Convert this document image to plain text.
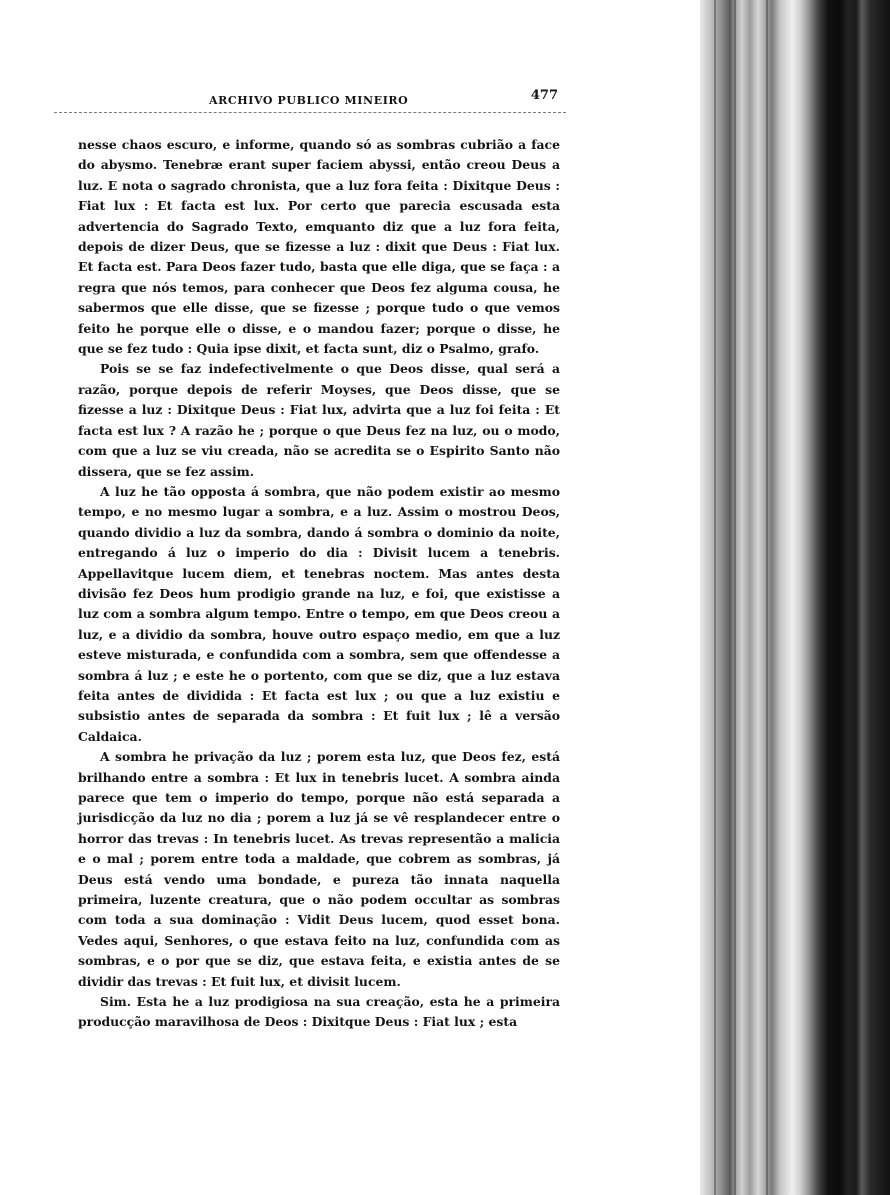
ARCHIVO PUBLICO MINEIRO	477

nesse chaos escuro, e informe, quando só as sombras cubrião a face do abysmo. Tenebræ erant super faciem abyssi, então creou Deus a luz. E nota o sagrado chronista, que a luz fora feita : Dixitque Deus : Fiat lux : Et facta est lux. Por certo que parecia escusada esta advertencia do Sagrado Texto, emquanto diz que a luz fora feita, depois de dizer Deus, que se fizesse a luz : dixit que Deus : Fiat lux. Et facta est. Para Deos fazer tudo, basta que elle diga, que se faça : a regra que nós temos, para conhecer que Deos fez alguma cousa, he sabermos que elle disse, que se fizesse ; porque tudo o que vemos feito he porque elle o disse, e o mandou fazer; porque o disse, he que se fez tudo : Quia ipse dixit, et facta sunt, diz o Psalmo, grafo.

Pois se se faz indefectivelmente o que Deos disse, qual será a razão, porque depois de referir Moyses, que Deos disse, que se fizesse a luz : Dixitque Deus : Fiat lux, advirta que a luz foi feita : Et facta est lux ? A razão he ; porque o que Deus fez na luz, ou o modo, com que a luz se viu creada, não se acredita se o Espirito Santo não dissera, que se fez assim.

A luz he tão opposta á sombra, que não podem existir ao mesmo tempo, e no mesmo lugar a sombra, e a luz. Assim o mostrou Deos, quando dividio a luz da sombra, dando á sombra o dominio da noite, entregando á luz o imperio do dia : Divisit lucem a tenebris. Appellavitque lucem diem, et tenebras noctem. Mas antes desta divisão fez Deos hum prodigio grande na luz, e foi, que existisse a luz com a sombra algum tempo. Entre o tempo, em que Deos creou a luz, e a dividio da sombra, houve outro espaço medio, em que a luz esteve misturada, e confundida com a sombra, sem que offendesse a sombra á luz ; e este he o portento, com que se diz, que a luz estava feita antes de dividida : Et facta est lux ; ou que a luz existiu e subsistio antes de separada da sombra : Et fuit lux ; lê a versão Caldaica.

A sombra he privação da luz ; porem esta luz, que Deos fez, está brilhando entre a sombra : Et lux in tenebris lucet. A sombra ainda parece que tem o imperio do tempo, porque não está separada a jurisdicção da luz no dia ; porem a luz já se vê resplandecer entre o horror das trevas : In tenebris lucet. As trevas representão a malicia e o mal ; porem entre toda a maldade, que cobrem as sombras, já Deus está vendo uma bondade, e pureza tão innata naquella primeira, luzente creatura, que o não podem occultar as sombras com toda a sua dominação : Vidit Deus lucem, quod esset bona. Vedes aqui, Senhores, o que estava feito na luz, confundida com as sombras, e o por que se diz, que estava feita, e existia antes de se dividir das trevas : Et fuit lux, et divisit lucem.

Sim. Esta he a luz prodigiosa na sua creação, esta he a primeira producção maravilhosa de Deos : Dixitque Deus : Fiat lux ; esta
